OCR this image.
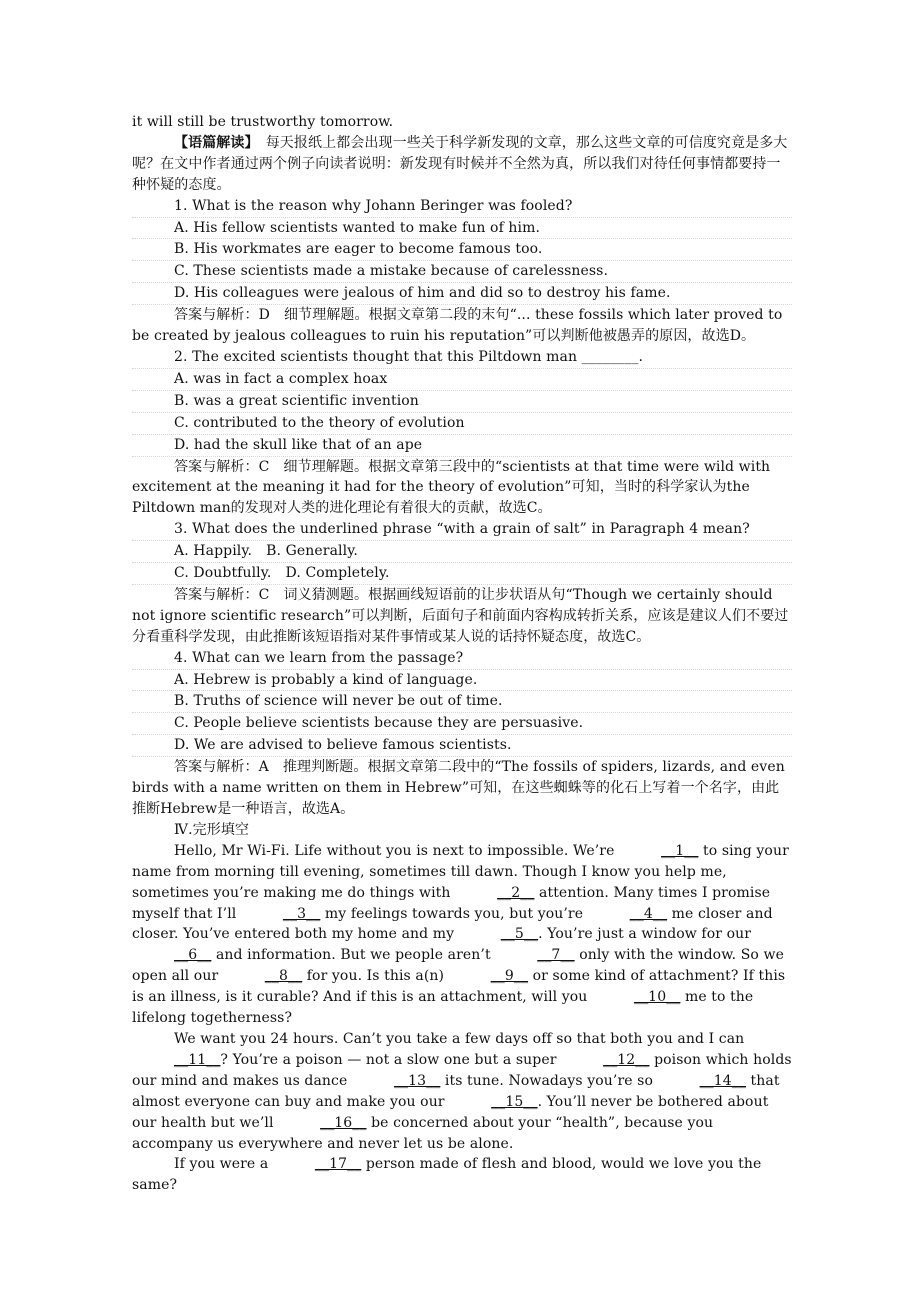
it will still be trustworthy tomorrow.

【语篇解读】　每天报纸上都会出现一些关于科学新发现的文章，那么这些文章的可信度究竟是多大呢？在文中作者通过两个例子向读者说明：新发现有时候并不全然为真，所以我们对待任何事情都要持一种怀疑的态度。

1. What is the reason why Johann Beringer was fooled?

A. His fellow scientists wanted to make fun of him.

B. His workmates are eager to become famous too.

C. These scientists made a mistake because of carelessness.

D. His colleagues were jealous of him and did so to destroy his fame.

答案与解析：D　细节理解题。根据文章第二段的末句“... these fossils which later proved to be created by jealous colleagues to ruin his reputation”可以判断他被愚弄的原因，故选D。

2. The excited scientists thought that this Piltdown man ________.

A. was in fact a complex hoax

B. was a great scientific invention

C. contributed to the theory of evolution

D. had the skull like that of an ape

答案与解析：C　细节理解题。根据文章第三段中的“scientists at that time were wild with excitement at the meaning it had for the theory of evolution”可知，当时的科学家认为the Piltdown man的发现对人类的进化理论有着很大的贡献，故选C。

3. What does the underlined phrase “with a grain of salt” in Paragraph 4 mean?

A. Happily.　B. Generally.

C. Doubtfully.　D. Completely.

答案与解析：C　词义猜测题。根据画线短语前的让步状语从句“Though we certainly should not ignore scientific research”可以判断，后面句子和前面内容构成转折关系，应该是建议人们不要过分看重科学发现，由此推断该短语指对某件事情或某人说的话持怀疑态度，故选C。

4. What can we learn from the passage?

A. Hebrew is probably a kind of language.

B. Truths of science will never be out of time.

C. People believe scientists because they are persuasive.

D. We are advised to believe famous scientists.

答案与解析：A　推理判断题。根据文章第二段中的“The fossils of spiders, lizards, and even birds with a name written on them in Hebrew”可知，在这些蜘蛛等的化石上写着一个名字，由此推断Hebrew是一种语言，故选A。

Ⅳ.完形填空

Hello, Mr Wi-Fi. Life without you is next to impossible. We’re	__1__ to sing your name from morning till evening, sometimes till dawn. Though I know you help me, sometimes you’re making me do things with	__2__ attention. Many times I promise myself that I’ll	__3__ my feelings towards you, but you’re	__4__ me closer and closer. You’ve entered both my home and my	__5__. You’re just a window for our __6__ and information. But we people aren’t	__7__ only with the window. So we open all our	__8__ for you. Is this a(n)	__9__ or some kind of attachment? If this is an illness, is it curable? And if this is an attachment, will you	__10__ me to the lifelong togetherness?

We want you 24 hours. Can’t you take a few days off so that both you and I can __11__? You’re a poison — not a slow one but a super	__12__ poison which holds our mind and makes us dance	__13__ its tune. Nowadays you’re so	__14__ that almost everyone can buy and make you our	__15__. You’ll never be bothered about our health but we’ll	__16__ be concerned about your “health”, because you accompany us everywhere and never let us be alone.

If you were a	__17__ person made of flesh and blood, would we love you the same?
